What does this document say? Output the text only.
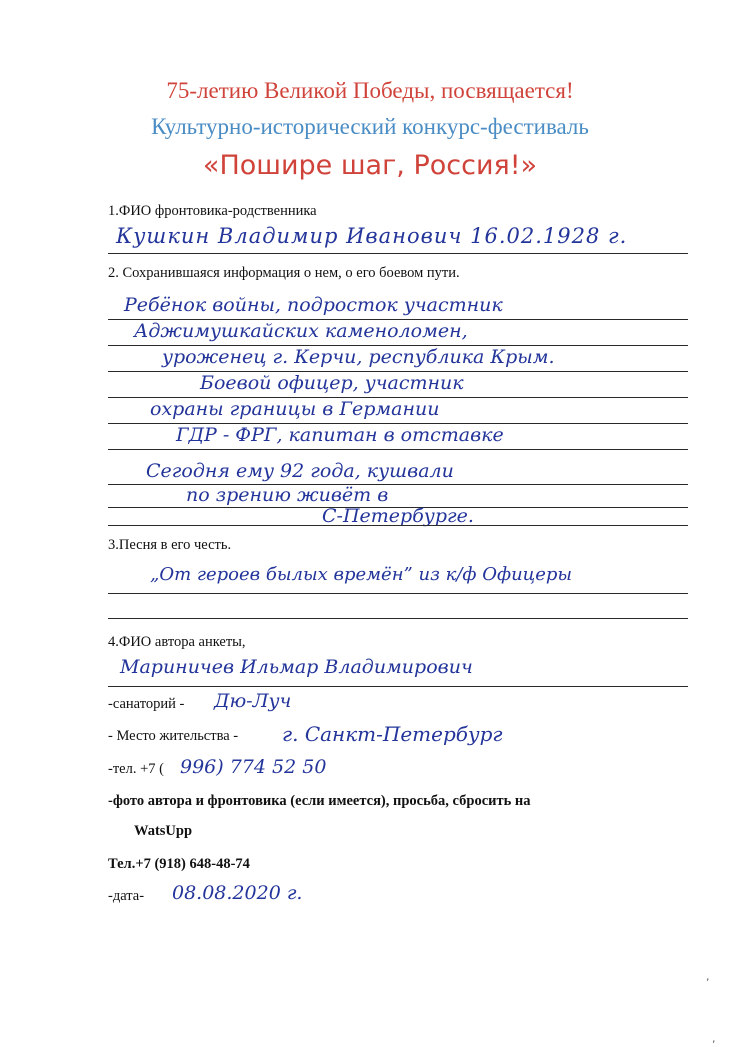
75-летию Великой Победы, посвящается!
Культурно-исторический конкурс-фестиваль
«Пошире шаг, Россия!»
1.ФИО фронтовика-родственника
Кушкин Владимир Иванович 16.02.1928 г.
2. Сохранившаяся информация о нем, о его боевом пути.
Ребёнок войны, подросток участник
Аджимушкайских каменоломен,
уроженец г. Керчи, республика Крым.
Боевой офицер, участник
охраны границы в Германии
ГДР - ФРГ, капитан в отставке
Сегодня ему 92 года, кушвали
по зрению живёт в
С-Петербурге.
3.Песня в его честь.
„От героев былых времён” из к/ф Офицеры
4.ФИО автора анкеты,
Мариничев Ильмар Владимирович
-санаторий - Дю-Луч
- Место жительства - г. Санкт-Петербург
-тел. +7 ( 996) 774 52 50
-фото автора и фронтовика (если имеется), просьба, сбросить на
WatsUpp
Тел.+7 (918) 648-48-74
-дата- 08.08.2020 г.
,
,
